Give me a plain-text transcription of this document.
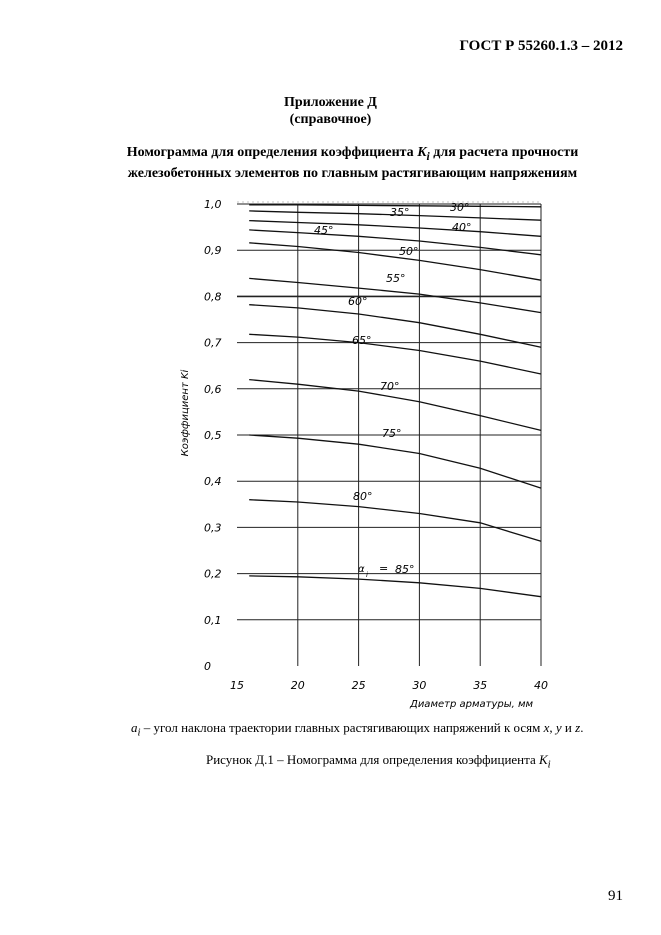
ГОСТ Р 55260.1.3 – 2012
Приложение Д
(справочное)
Номограмма для определения коэффициента $K_i$ для расчета прочности
железобетонных элементов по главным растягивающим напряжениям
0
0,1
0,2
0,3
0,4
0,5
0,6
0,7
0,8
0,9
1,0
15	20	25	30	35	40
30°
35°
40°
45°
50°
55°
60°
65°
70°
75°
80°
85°
α i =
Диаметр арматуры, мм
Коэффициент Ki
$a_i$ – угол наклона траектории главных растягивающих напряжений к осям x, y и z.
Рисунок Д.1 – Номограмма для определения коэффициента $K_i$
91
